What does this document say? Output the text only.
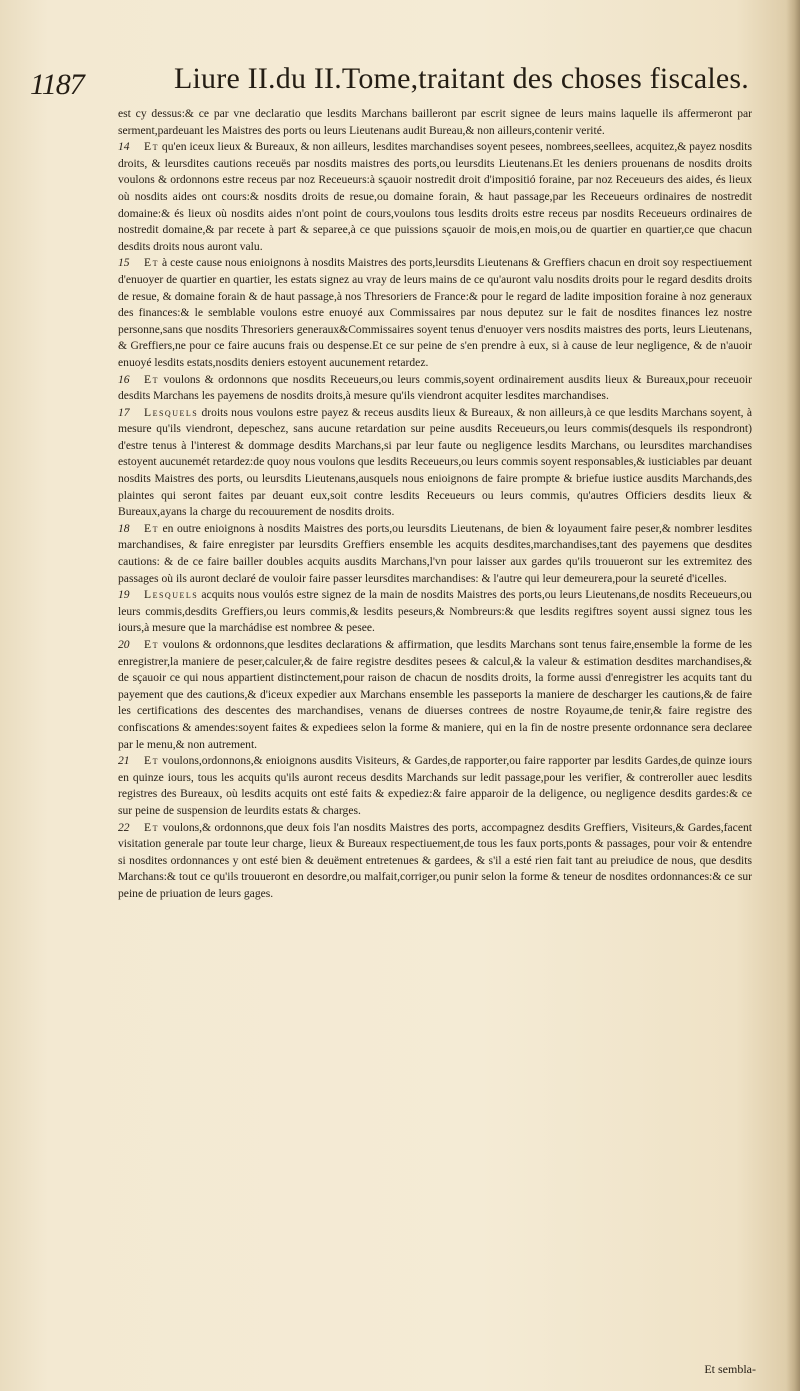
1187	Liure II.du II.Tome,traitant des choses fiscales.

est cy dessus:& ce par vne declaratio que lesdits Marchans bailleront par escrit signee de leurs mains laquelle ils affermeront par serment,pardeuant les Maistres des ports ou leurs Lieutenans audit Bureau,& non ailleurs,contenir verité.

14 Et qu'en iceux lieux & Bureaux, & non ailleurs, lesdites marchandises soyent pesees, nombrees,seellees, acquitez,& payez nosdits droits, & leursdites cautions receuës par nosdits maistres des ports,ou leursdits Lieutenans.Et les deniers prouenans de nosdits droits voulons & ordonnons estre receus par noz Receueurs:à sçauoir nostredit droit d'impositió foraine, par noz Receueurs des aides, és lieux où nosdits aides ont cours:& nosdits droits de resue,ou domaine forain, & haut passage,par les Receueurs ordinaires de nostredit domaine:& és lieux où nosdits aides n'ont point de cours,voulons tous lesdits droits estre receus par nosdits Receueurs ordinaires de nostredit domaine,& par recete à part & separee,à ce que puissions sçauoir de mois,en mois,ou de quartier en quartier,ce que chacun desdits droits nous auront valu.

15 Et à ceste cause nous enioignons à nosdits Maistres des ports,leursdits Lieutenans & Greffiers chacun en droit soy respectiuement d'enuoyer de quartier en quartier, les estats signez au vray de leurs mains de ce qu'auront valu nosdits droits pour le regard desdits droits de resue, & domaine forain & de haut passage,à nos Thresoriers de France:& pour le regard de ladite imposition foraine à noz generaux des finances:& le semblable voulons estre enuoyé aux Commissaires par nous deputez sur le fait de nosdites finances lez nostre personne,sans que nosdits Thresoriers generaux&Commissaires soyent tenus d'enuoyer vers nosdits maistres des ports, leurs Lieutenans, & Greffiers,ne pour ce faire aucuns frais ou despense.Et ce sur peine de s'en prendre à eux, si à cause de leur negligence, & de n'auoir enuoyé lesdits estats,nosdits deniers estoyent aucunement retardez.

16 Et voulons & ordonnons que nosdits Receueurs,ou leurs commis,soyent ordinairement ausdits lieux & Bureaux,pour receuoir desdits Marchans les payemens de nosdits droits,à mesure qu'ils viendront acquiter lesdites marchandises.

17 Lesquels droits nous voulons estre payez & receus ausdits lieux & Bureaux, & non ailleurs,à ce que lesdits Marchans soyent, à mesure qu'ils viendront, depeschez, sans aucune retardation sur peine ausdits Receueurs,ou leurs commis(desquels ils respondront) d'estre tenus à l'interest & dommage desdits Marchans,si par leur faute ou negligence lesdits Marchans, ou leursdites marchandises estoyent aucunemét retardez:de quoy nous voulons que lesdits Receueurs,ou leurs commis soyent responsables,& iusticiables par deuant nosdits Maistres des ports, ou leursdits Lieutenans,ausquels nous enioignons de faire prompte & briefue iustice ausdits Marchands,des plaintes qui seront faites par deuant eux,soit contre lesdits Receueurs ou leurs commis, qu'autres Officiers desdits lieux & Bureaux,ayans la charge du recouurement de nosdits droits.

18 Et en outre enioignons à nosdits Maistres des ports,ou leursdits Lieutenans, de bien & loyaument faire peser,& nombrer lesdites marchandises, & faire enregister par leursdits Greffiers ensemble les acquits desdites,marchandises,tant des payemens que desdites cautions: & de ce faire bailler doubles acquits ausdits Marchans,l'vn pour laisser aux gardes qu'ils trouueront sur les extremitez des passages où ils auront declaré de vouloir faire passer leursdites marchandises: & l'autre qui leur demeurera,pour la seureté d'icelles.

19 Lesquels acquits nous voulós estre signez de la main de nosdits Maistres des ports,ou leurs Lieutenans,de nosdits Receueurs,ou leurs commis,desdits Greffiers,ou leurs commis,& lesdits peseurs,& Nombreurs:& que lesdits regiftres soyent aussi signez tous les iours,à mesure que la marchádise est nombree & pesee.

20 Et voulons & ordonnons,que lesdites declarations & affirmation, que lesdits Marchans sont tenus faire,ensemble la forme de les enregistrer,la maniere de peser,calculer,& de faire registre desdites pesees & calcul,& la valeur & estimation desdites marchandises,& de sçauoir ce qui nous appartient distinctement,pour raison de chacun de nosdits droits, la forme aussi d'enregistrer les acquits tant du payement que des cautions,& d'iceux expedier aux Marchans ensemble les passeports la maniere de descharger les cautions,& de faire les certifications des descentes des marchandises, venans de diuerses contrees de nostre Royaume,de tenir,& faire registre des confiscations & amendes:soyent faites & expediees selon la forme & maniere, qui en la fin de nostre presente ordonnance sera declaree par le menu,& non autrement.

21 Et voulons,ordonnons,& enioignons ausdits Visiteurs, & Gardes,de rapporter,ou faire rapporter par lesdits Gardes,de quinze iours en quinze iours, tous les acquits qu'ils auront receus desdits Marchands sur ledit passage,pour les verifier, & contreroller auec lesdits registres des Bureaux, où lesdits acquits ont esté faits & expediez:& faire apparoir de la deligence, ou negligence desdits gardes:& ce sur peine de suspension de leurdits estats & charges.

22 Et voulons,& ordonnons,que deux fois l'an nosdits Maistres des ports, accompagnez desdits Greffiers, Visiteurs,& Gardes,facent visitation generale par toute leur charge, lieux & Bureaux respectiuement,de tous les faux ports,ponts & passages, pour voir & entendre si nosdites ordonnances y ont esté bien & deuëment entretenues & gardees, & s'il a esté rien fait tant au preiudice de nous, que desdits Marchans:& tout ce qu'ils trouueront en desordre,ou malfait,corriger,ou punir selon la forme & teneur de nosdites ordonnances:& ce sur peine de priuation de leurs gages.

Et sembla-
